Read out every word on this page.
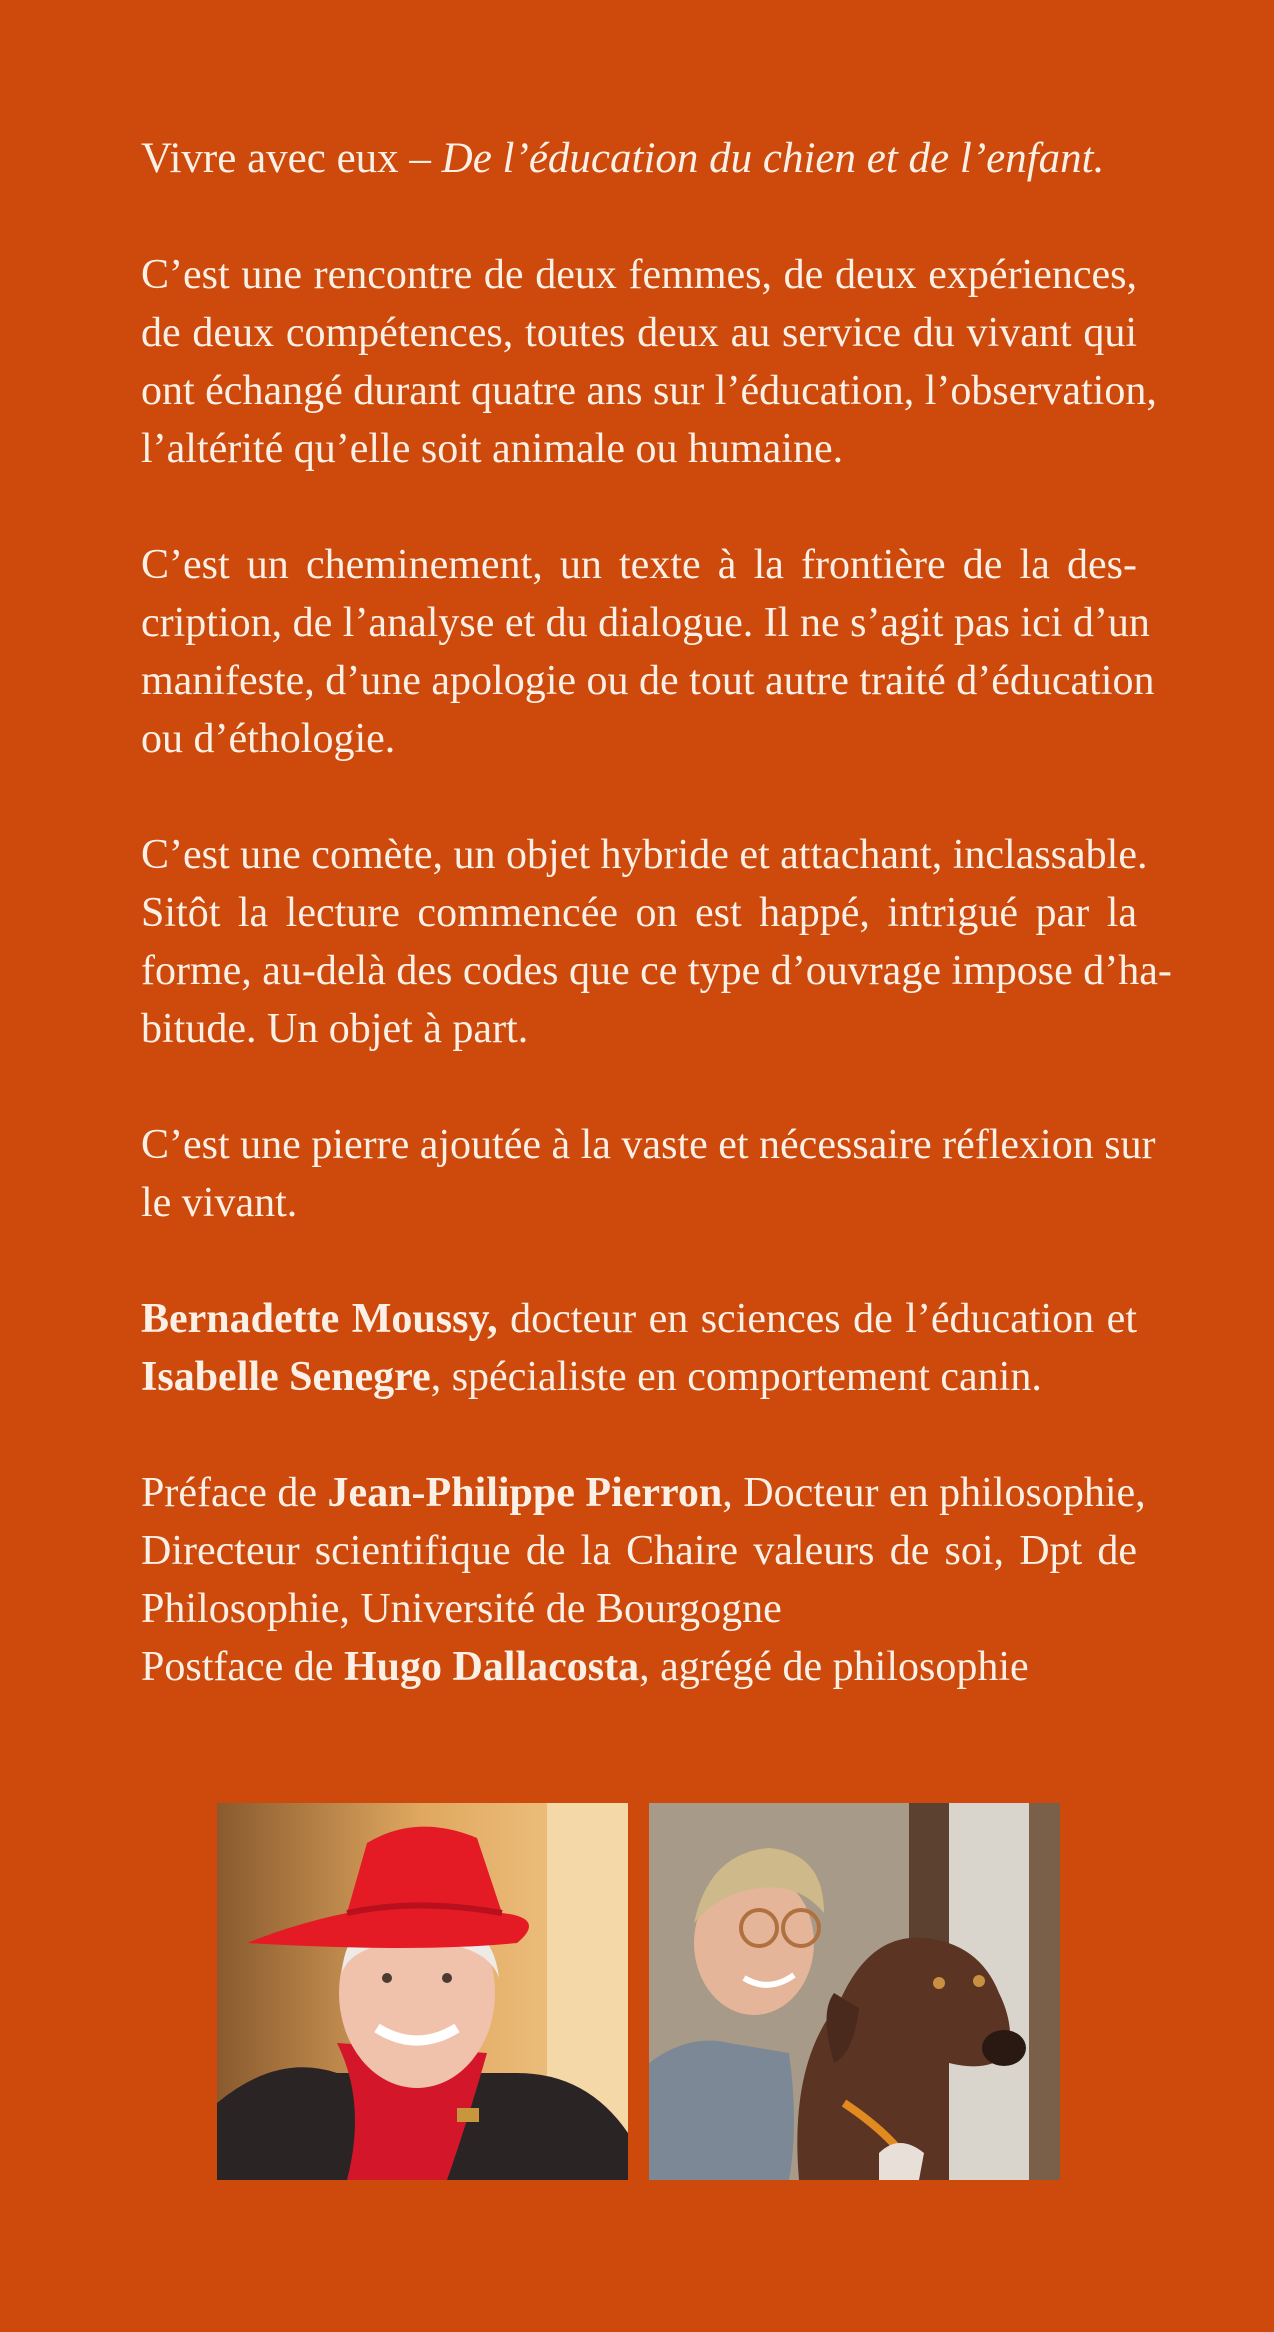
Vivre avec eux – De l’éducation du chien et de l’enfant.

C’est une rencontre de deux femmes, de deux expériences,
de deux compétences, toutes deux au service du vivant qui
ont échangé durant quatre ans sur l’éducation, l’observation,
l’altérité qu’elle soit animale ou humaine.

C’est un cheminement, un texte à la frontière de la des-
cription, de l’analyse et du dialogue. Il ne s’agit pas ici d’un
manifeste, d’une apologie ou de tout autre traité d’éducation
ou d’éthologie.

C’est une comète, un objet hybride et attachant, inclassable.
Sitôt la lecture commencée on est happé, intrigué par la
forme, au-delà des codes que ce type d’ouvrage impose d’ha-
bitude. Un objet à part.

C’est une pierre ajoutée à la vaste et nécessaire réflexion sur
le vivant.

Bernadette Moussy, docteur en sciences de l’éducation et
Isabelle Senegre, spécialiste en comportement canin.

Préface de Jean-Philippe Pierron, Docteur en philosophie,
Directeur scientifique de la Chaire valeurs de soi, Dpt de
Philosophie, Université de Bourgogne
Postface de Hugo Dallacosta, agrégé de philosophie
